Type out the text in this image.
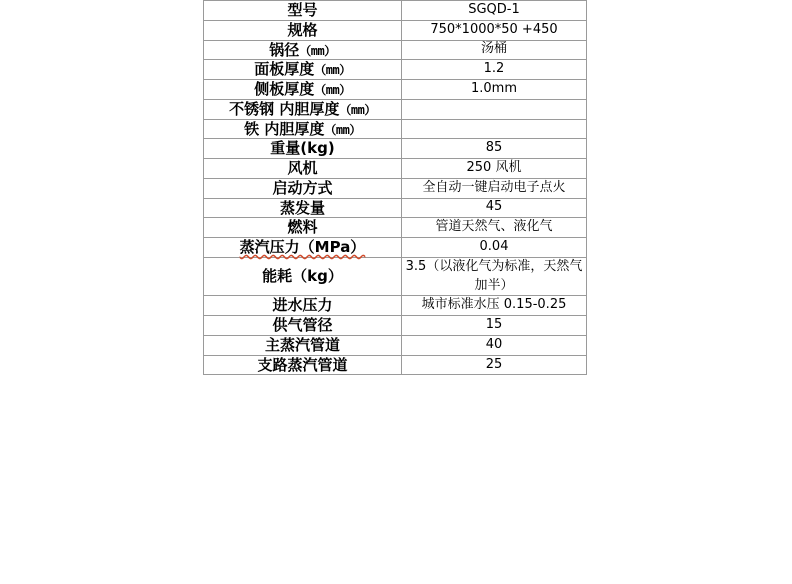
型号	SGQD-1
规格	750*1000*50 +450
锅径（mm）	汤桶
面板厚度（mm）	1.2
侧板厚度（mm）	1.0mm
不锈钢 内胆厚度（mm）	
铁 内胆厚度（mm）	
重量(kg)	85
风机	250 风机
启动方式	全自动一键启动电子点火
蒸发量	45
燃料	管道天然气、液化气
蒸汽压力（MPa）	0.04
能耗（kg）	3.5（以液化气为标准，天然气加半）
进水压力	城市标准水压 0.15-0.25
供气管径	15
主蒸汽管道	40
支路蒸汽管道	25
